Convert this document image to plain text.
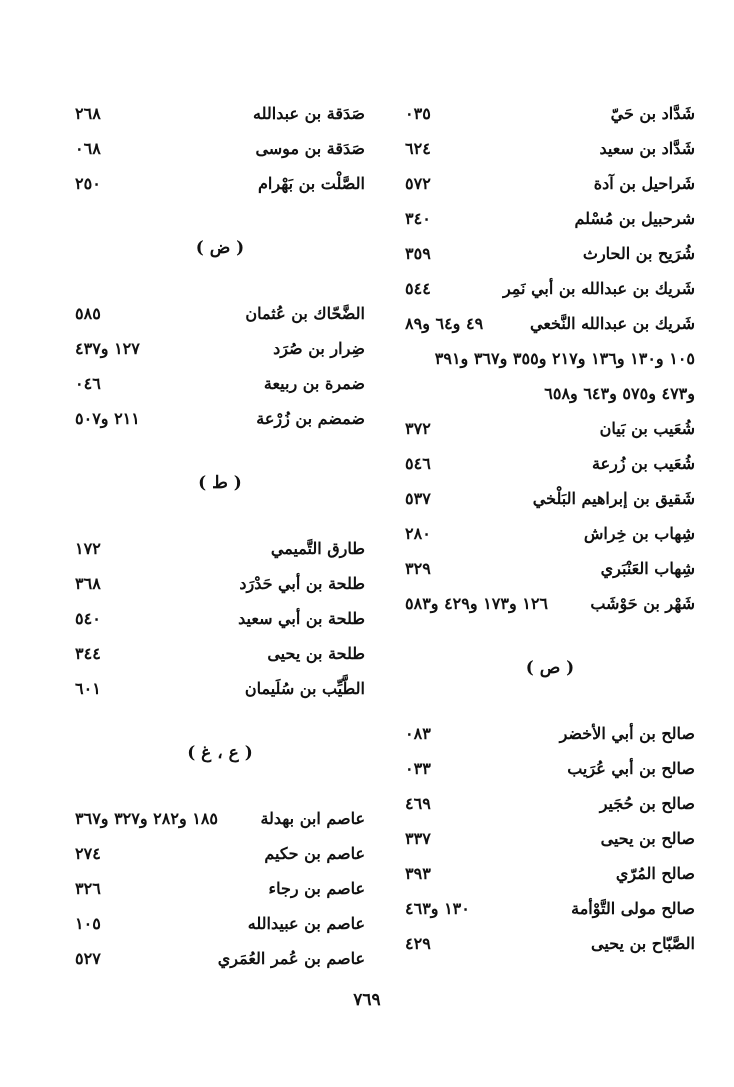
شَدَّاد بن حَيّ
٠٣٥
شَدَّاد بن سعيد
٦٢٤
شَراحيل بن آدة
٥٧٢
شرحبيل بن مُسْلم
٣٤٠
شُرَيح بن الحارث
٣٥٩
شَريك بن عبدالله بن أبي نَمِر
٥٤٤
شَريك بن عبدالله النَّخعي
٤٩ و٦٤ و٨٩
١٠٥ و١٣٠ و١٣٦ و٢١٧ و٣٥٥ و٣٦٧ و٣٩١
و٤٧٣ و٥٧٥ و٦٤٣ و٦٥٨
شُعَيب بن بَيان
٣٧٢
شُعَيب بن زُرعة
٥٤٦
شَقيق بن إبراهيم البَلْخي
٥٣٧
شِهاب بن خِراش
٢٨٠
شِهاب العَنْبَري
٣٢٩
شَهْر بن حَوْشَب
١٢٦ و١٧٣ و٤٢٩ و٥٨٣
( ص )
صالح بن أبي الأخضر
٠٨٣
صالح بن أبي عُرَيب
٠٣٣
صالح بن حُجَير
٤٦٩
صالح بن يحيى
٣٣٧
صالح المُرّي
٣٩٣
صالح مولى التَّوْأمة
١٣٠ و٤٦٣
الصَّبّاح بن يحيى
٤٢٩
صَدَقة بن عبدالله
٢٦٨
صَدَقة بن موسى
٠٦٨
الصَّلْت بن بَهْرام
٢٥٠
( ض )
الضَّحّاك بن عُثمان
٥٨٥
ضِرار بن صُرَد
١٢٧ و٤٣٧
ضمرة بن ربيعة
٠٤٦
ضمضم بن زُرْعة
٢١١ و٥٠٧
( ط )
طارق التَّميمي
١٧٢
طلحة بن أبي حَدْرَد
٣٦٨
طلحة بن أبي سعيد
٥٤٠
طلحة بن يحيى
٣٤٤
الطَّيِّب بن سُلَيمان
٦٠١
( ع ، غ )
عاصم ابن بهدلة
١٨٥ و٢٨٢ و٣٢٧ و٣٦٧
عاصم بن حكيم
٢٧٤
عاصم بن رجاء
٣٢٦
عاصم بن عبيدالله
١٠٥
عاصم بن عُمر العُمَري
٥٢٧
٧٦٩
